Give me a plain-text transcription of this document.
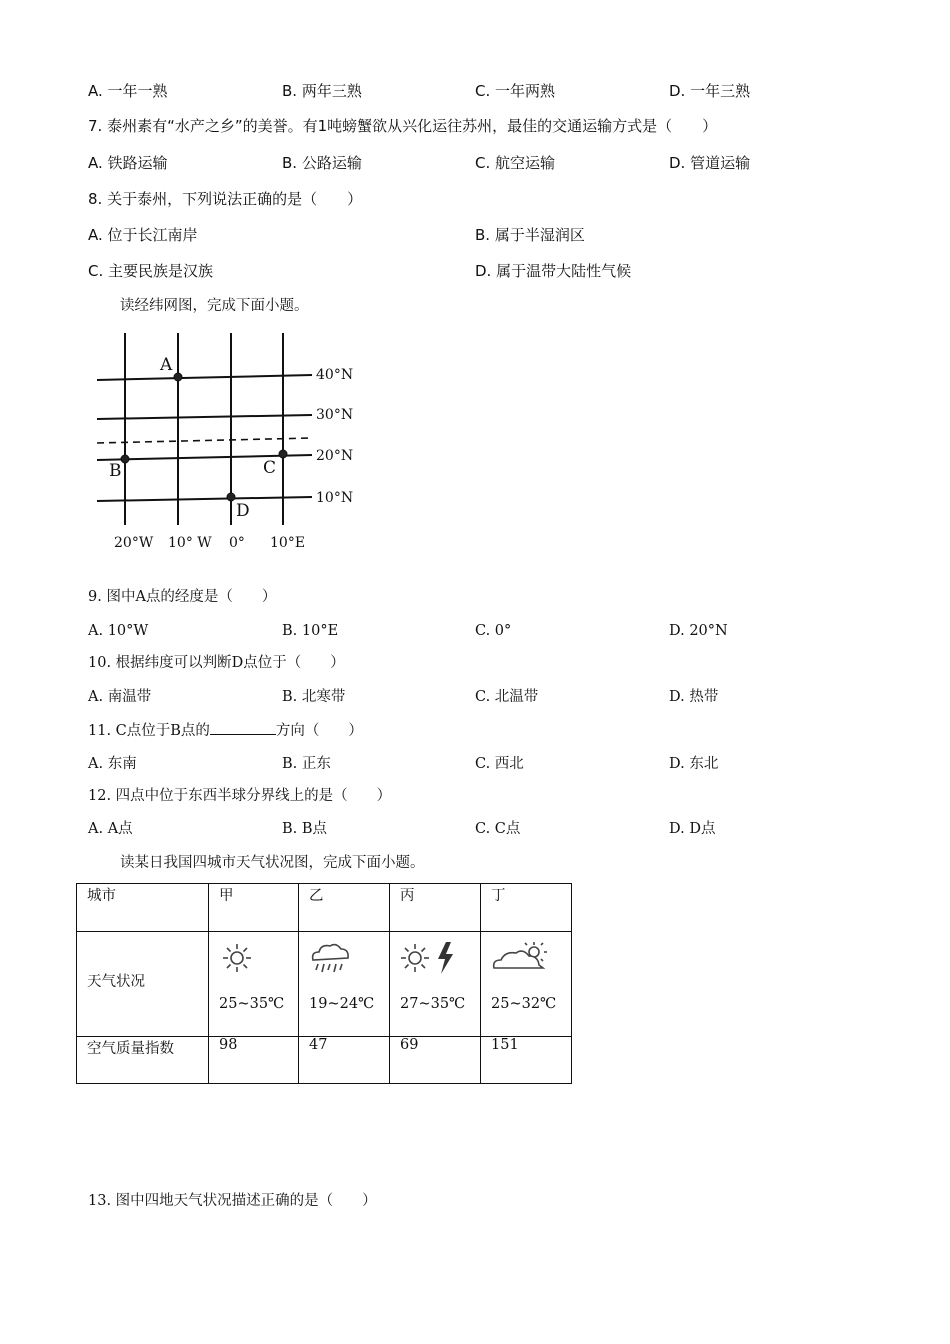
A. 一年一熟	B. 两年三熟	C. 一年两熟	D. 一年三熟
7. 泰州素有“水产之乡”的美誉。有1吨螃蟹欲从兴化运往苏州，最佳的交通运输方式是（　　）
A. 铁路运输	B. 公路运输	C. 航空运输	D. 管道运输
8. 关于泰州，下列说法正确的是（　　）
A. 位于长江南岸	B. 属于半湿润区
C. 主要民族是汉族	D. 属于温带大陆性气候
读经纬网图，完成下面小题。
A
B	C
D
40°N
30°N
20°N
10°N
20°W 10° W 0° 10°E
9. 图中A点的经度是（　　）
A. 10°W	B. 10°E	C. 0°	D. 20°N
10. 根据纬度可以判断D点位于（　　）
A. 南温带	B. 北寒带	C. 北温带	D. 热带
11. C点位于B点的	方向（　　）
A. 东南	B. 正东	C. 西北	D. 东北
12. 四点中位于东西半球分界线上的是（　　）
A. A点	B. B点	C. C点	D. D点
读某日我国四城市天气状况图，完成下面小题。
城市	甲	乙	丙	丁

天气状况	25~35℃	19~24℃	27~35℃	25~32℃

空气质量指数	98	47	69	151
13. 图中四地天气状况描述正确的是（　　）
